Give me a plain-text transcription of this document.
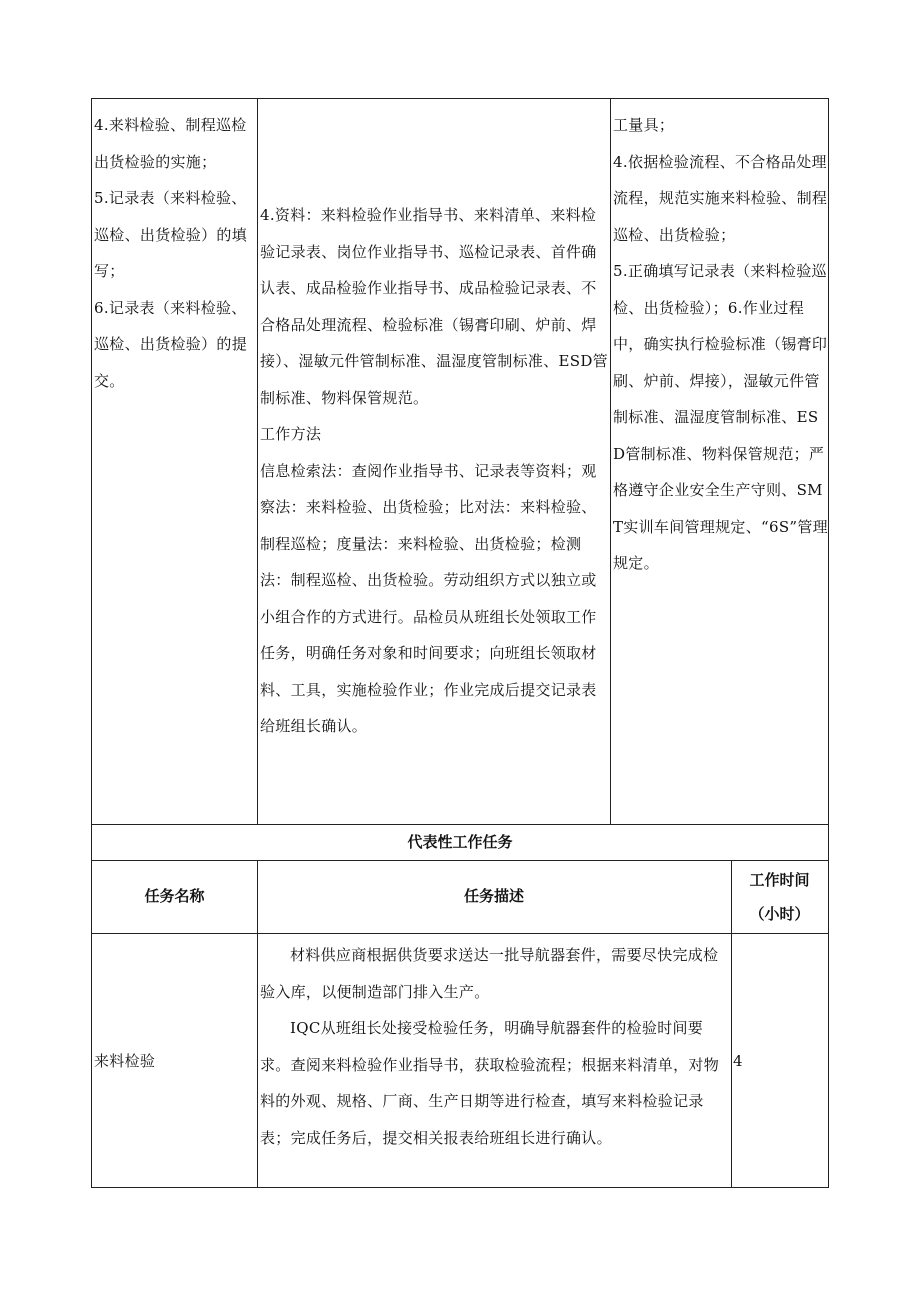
4.来料检验、制程巡检出货检验的实施；

5.记录表（来料检验、巡检、出货检验）的填写；

6.记录表（来料检验、巡检、出货检验）的提交。

4.资料：来料检验作业指导书、来料清单、来料检验记录表、岗位作业指导书、巡检记录表、首件确认表、成品检验作业指导书、成品检验记录表、不合格品处理流程、检验标准（锡膏印刷、炉前、焊接）、湿敏元件管制标准、温湿度管制标准、ESD管制标准、物料保管规范。

工作方法

信息检索法：查阅作业指导书、记录表等资料；观察法：来料检验、出货检验；比对法：来料检验、制程巡检；度量法：来料检验、出货检验；检测法：制程巡检、出货检验。劳动组织方式以独立或小组合作的方式进行。品检员从班组长处领取工作任务，明确任务对象和时间要求；向班组长领取材料、工具，实施检验作业；作业完成后提交记录表给班组长确认。

工量具；

4.依据检验流程、不合格品处理流程，规范实施来料检验、制程巡检、出货检验；

5.正确填写记录表（来料检验巡检、出货检验）；6.作业过程中，确实执行检验标准（锡膏印刷、炉前、焊接），湿敏元件管制标准、温湿度管制标准、ESD管制标准、物料保管规范；严格遵守企业安全生产守则、SMT实训车间管理规定、“6S”管理规定。

代表性工作任务
任务名称	任务描述
工作时间
（小时）
来料检验

材料供应商根据供货要求送达一批导航器套件，需要尽快完成检验入库，以便制造部门排入生产。

IQC从班组长处接受检验任务，明确导航器套件的检验时间要求。查阅来料检验作业指导书，获取检验流程；根据来料清单，对物料的外观、规格、厂商、生产日期等进行检查，填写来料检验记录表；完成任务后，提交相关报表给班组长进行确认。

4
